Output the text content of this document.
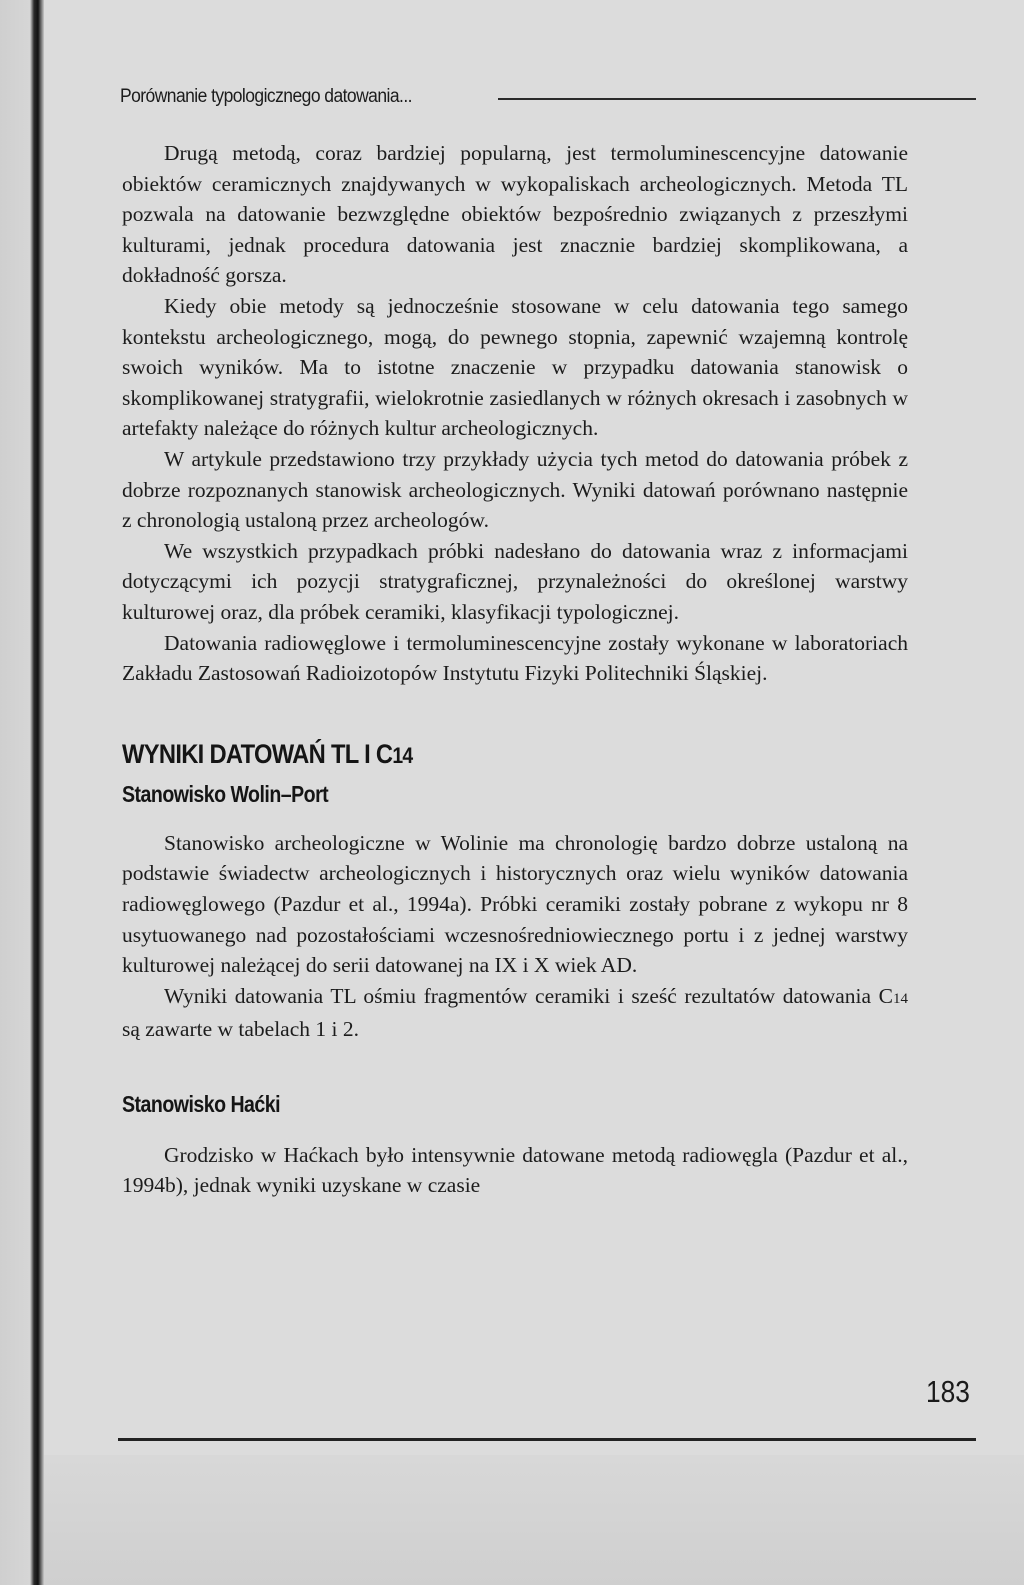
Porównanie typologicznego datowania...

Drugą metodą, coraz bardziej popularną, jest termoluminescencyjne datowanie obiektów ceramicznych znajdywanych w wykopaliskach archeologicznych. Metoda TL pozwala na datowanie bezwzględne obiektów bezpośrednio związanych z przeszłymi kulturami, jednak procedura datowania jest znacznie bardziej skomplikowana, a dokładność gorsza.

Kiedy obie metody są jednocześnie stosowane w celu datowania tego samego kontekstu archeologicznego, mogą, do pewnego stopnia, zapewnić wzajemną kontrolę swoich wyników. Ma to istotne znaczenie w przypadku datowania stanowisk o skomplikowanej stratygrafii, wielokrotnie zasiedlanych w różnych okresach i zasobnych w artefakty należące do różnych kultur archeologicznych.

W artykule przedstawiono trzy przykłady użycia tych metod do datowania próbek z dobrze rozpoznanych stanowisk archeologicznych. Wyniki datowań porównano następnie z chronologią ustaloną przez archeologów.

We wszystkich przypadkach próbki nadesłano do datowania wraz z informacjami dotyczącymi ich pozycji stratygraficznej, przynależności do określonej warstwy kulturowej oraz, dla próbek ceramiki, klasyfikacji typologicznej.

Datowania radiowęglowe i termoluminescencyjne zostały wykonane w laboratoriach Zakładu Zastosowań Radioizotopów Instytutu Fizyki Politechniki Śląskiej.

WYNIKI DATOWAŃ TL I C14
Stanowisko Wolin–Port

Stanowisko archeologiczne w Wolinie ma chronologię bardzo dobrze ustaloną na podstawie świadectw archeologicznych i historycznych oraz wielu wyników datowania radiowęglowego (Pazdur et al., 1994a). Próbki ceramiki zostały pobrane z wykopu nr 8 usytuowanego nad pozostałościami wczesnośredniowiecznego portu i z jednej warstwy kulturowej należącej do serii datowanej na IX i X wiek AD.

Wyniki datowania TL ośmiu fragmentów ceramiki i sześć rezultatów datowania C14 są zawarte w tabelach 1 i 2.

Stanowisko Haćki

Grodzisko w Haćkach było intensywnie datowane metodą radiowęgla (Pazdur et al., 1994b), jednak wyniki uzyskane w czasie

183
